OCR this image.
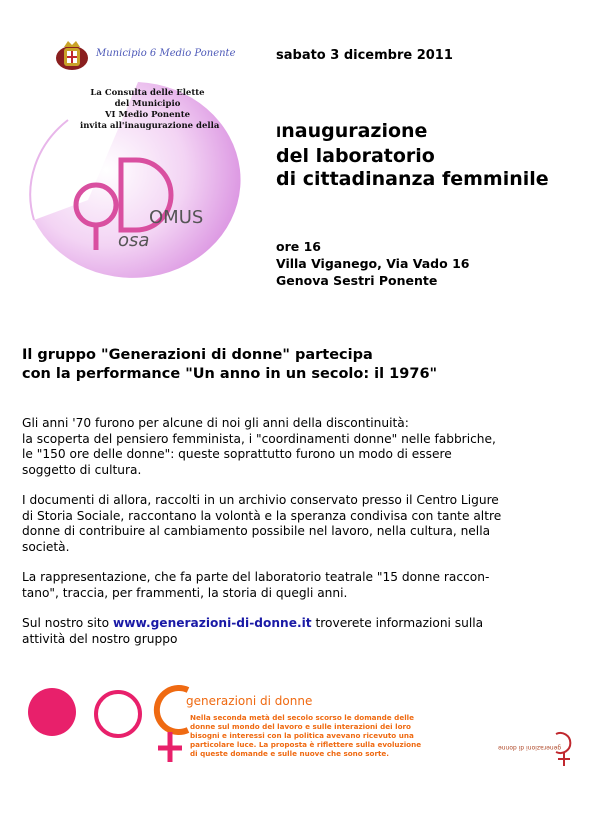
Municipio 6 Medio Ponente
La Consulta delle Elette
del Municipio
VI Medio Ponente
invita all'inaugurazione della
OMUS
osa
sabato 3 dicembre 2011
Inaugurazione
del laboratorio
di cittadinanza femminile
ore 16
Villa Viganego, Via Vado 16
Genova Sestri Ponente
Il gruppo "Generazioni di donne" partecipa
con la performance "Un anno in un secolo: il 1976"

Gli anni '70 furono per alcune di noi gli anni della discontinuità:
la scoperta del pensiero femminista, i "coordinamenti donne" nelle fabbriche,
le "150 ore delle donne": queste soprattutto furono un modo di essere
soggetto di cultura.

I documenti di allora, raccolti in un archivio conservato presso il Centro Ligure
di Storia Sociale, raccontano la volontà e la speranza condivisa con tante altre
donne di contribuire al cambiamento possibile nel lavoro, nella cultura, nella
società.

La rappresentazione, che fa parte del laboratorio teatrale "15 donne raccon-
tano", traccia, per frammenti, la storia di quegli anni.

Sul nostro sito www.generazioni-di-donne.it troverete informazioni sulla
attività del nostro gruppo

generazioni di donne
Nella seconda metà del secolo scorso le domande delle
donne sul mondo del lavoro e sulle interazioni dei loro
bisogni e interessi con la politica avevano ricevuto una
particolare luce. La proposta è riflettere sulla evoluzione
di queste domande e sulle nuove che sono sorte.
generazioni di donne
